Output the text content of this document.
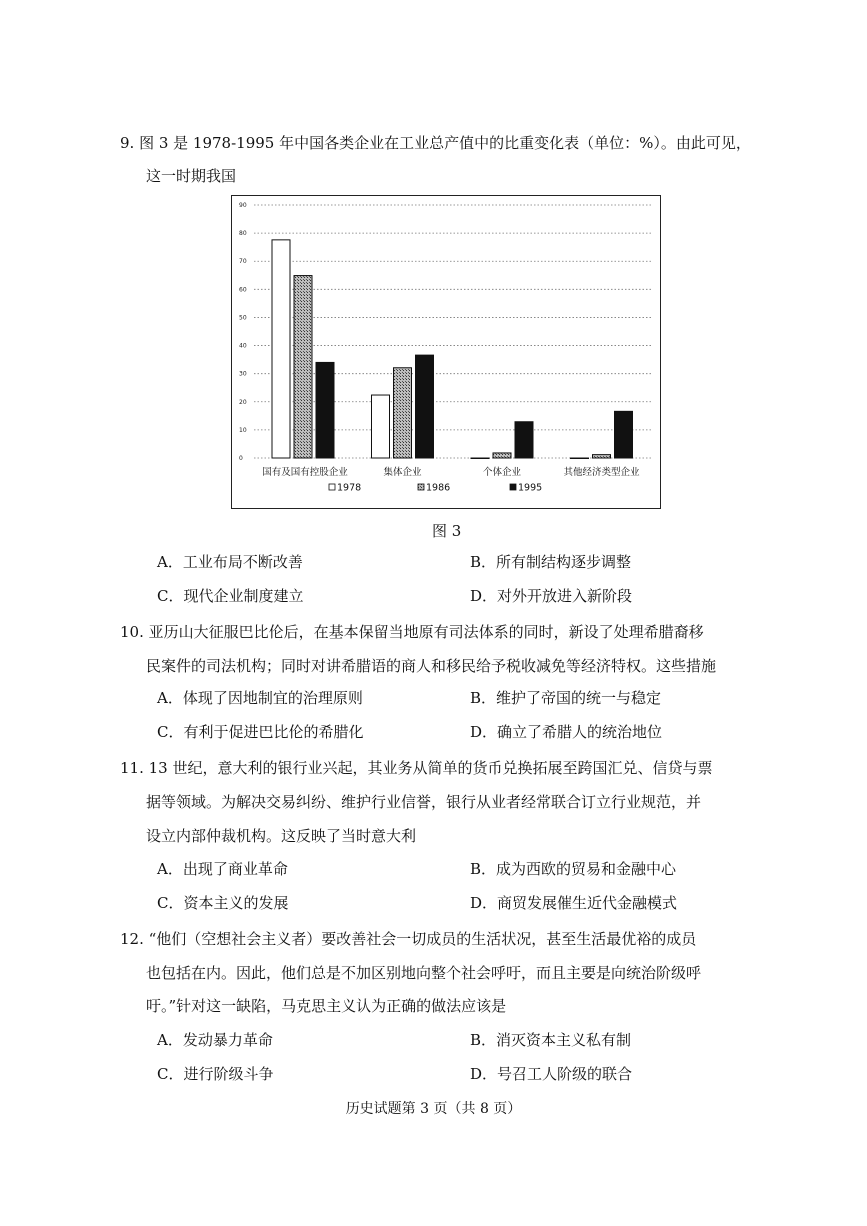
9. 图 3 是 1978-1995 年中国各类企业在工业总产值中的比重变化表（单位：%）。由此可见，
这一时期我国
0
10
20
30
40
50
60
70
80
90
国有及国有控股企业	集体企业	个体企业	其他经济类型企业
1978	1986	1995
图 3
A．工业布局不断改善	B．所有制结构逐步调整
C．现代企业制度建立	D．对外开放进入新阶段
10. 亚历山大征服巴比伦后，在基本保留当地原有司法体系的同时，新设了处理希腊裔移
民案件的司法机构；同时对讲希腊语的商人和移民给予税收减免等经济特权。这些措施
A．体现了因地制宜的治理原则	B．维护了帝国的统一与稳定
C．有利于促进巴比伦的希腊化	D．确立了希腊人的统治地位
11. 13 世纪，意大利的银行业兴起，其业务从简单的货币兑换拓展至跨国汇兑、信贷与票
据等领域。为解决交易纠纷、维护行业信誉，银行从业者经常联合订立行业规范，并
设立内部仲裁机构。这反映了当时意大利
A．出现了商业革命	B．成为西欧的贸易和金融中心
C．资本主义的发展	D．商贸发展催生近代金融模式
12. “他们（空想社会主义者）要改善社会一切成员的生活状况，甚至生活最优裕的成员
也包括在内。因此，他们总是不加区别地向整个社会呼吁，而且主要是向统治阶级呼
吁。”针对这一缺陷，马克思主义认为正确的做法应该是
A．发动暴力革命	B．消灭资本主义私有制
C．进行阶级斗争	D．号召工人阶级的联合
历史试题第 3 页（共 8 页）
